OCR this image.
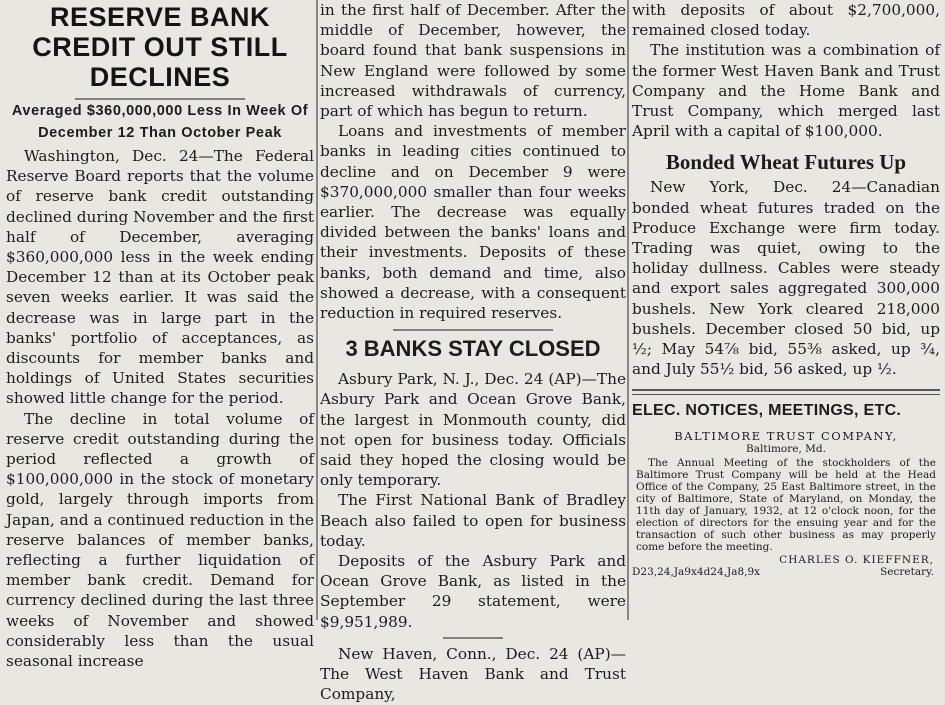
RESERVE BANK CREDIT OUT STILL DECLINES
Averaged $360,000,000 Less In Week Of December 12 Than October Peak

Washington, Dec. 24—The Federal Reserve Board reports that the volume of reserve bank credit outstanding declined during November and the first half of December, averaging $360,000,000 less in the week ending December 12 than at its October peak seven weeks earlier. It was said the decrease was in large part in the banks' portfolio of acceptances, as discounts for member banks and holdings of United States securities showed little change for the period.

The decline in total volume of reserve credit outstanding during the period reflected a growth of $100,000,000 in the stock of monetary gold, largely through imports from Japan, and a continued reduction in the reserve balances of member banks, reflecting a further liquidation of member bank credit. Demand for currency declined during the last three weeks of November and showed considerably less than the usual seasonal increase

in the first half of December. After the middle of December, however, the board found that bank suspensions in New England were followed by some increased withdrawals of currency, part of which has begun to return.

Loans and investments of member banks in leading cities continued to decline and on December 9 were $370,000,000 smaller than four weeks earlier. The decrease was equally divided between the banks' loans and their investments. Deposits of these banks, both demand and time, also showed a decrease, with a consequent reduction in required reserves.

3 BANKS STAY CLOSED

Asbury Park, N. J., Dec. 24 (AP)—The Asbury Park and Ocean Grove Bank, the largest in Monmouth county, did not open for business today. Officials said they hoped the closing would be only temporary.

The First National Bank of Bradley Beach also failed to open for business today.

Deposits of the Asbury Park and Ocean Grove Bank, as listed in the September 29 statement, were $9,951,989.

New Haven, Conn., Dec. 24 (AP)—The West Haven Bank and Trust Company,

with deposits of about $2,700,000, remained closed today.

The institution was a combination of the former West Haven Bank and Trust Company and the Home Bank and Trust Company, which merged last April with a capital of $100,000.

Bonded Wheat Futures Up

New York, Dec. 24—Canadian bonded wheat futures traded on the Produce Exchange were firm today. Trading was quiet, owing to the holiday dullness. Cables were steady and export sales aggregated 300,000 bushels. New York cleared 218,000 bushels. December closed 50 bid, up ½; May 54⅞ bid, 55⅜ asked, up ¾, and July 55½ bid, 56 asked, up ½.

ELEC. NOTICES, MEETINGS, ETC.
BALTIMORE TRUST COMPANY,
Baltimore, Md.
The Annual Meeting of the stockholders of the Baltimore Trust Company will be held at the Head Office of the Company, 25 East Baltimore street, in the city of Baltimore, State of Maryland, on Monday, the 11th day of January, 1932, at 12 o'clock noon, for the election of directors for the ensuing year and for the transaction of such other business as may properly come before the meeting.
CHARLES O. KIEFFNER,
D23,24,Ja9x4d24,Ja8,9x	Secretary.
